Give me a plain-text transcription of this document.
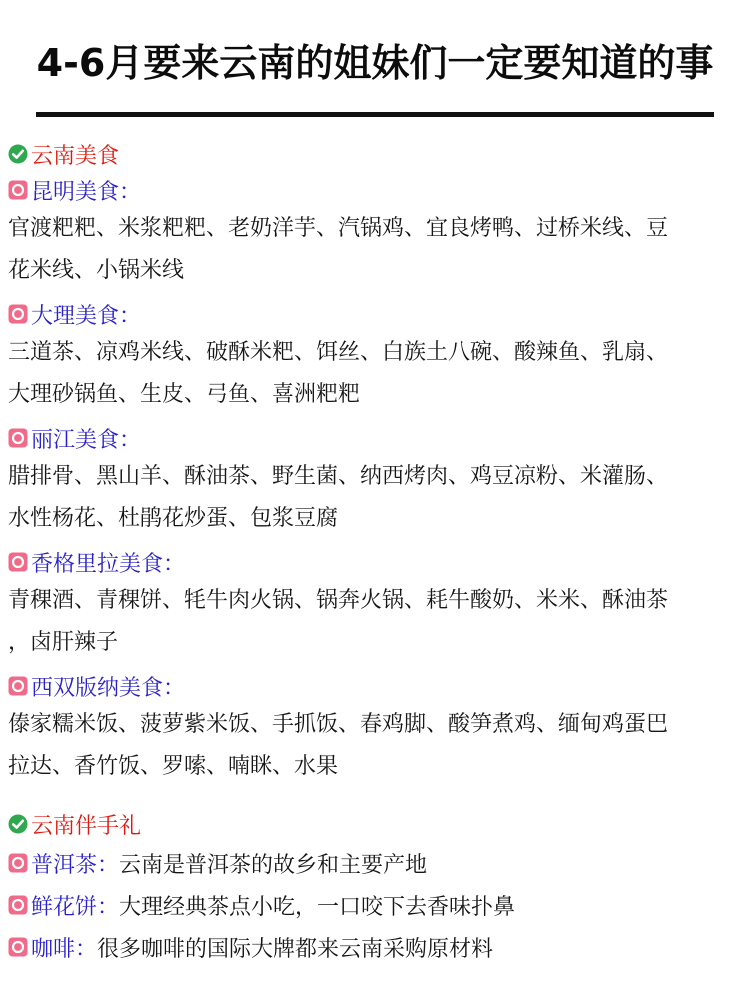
4-6月要来云南的姐妹们一定要知道的事
云南美食
昆明美食：
官渡粑粑、米浆粑粑、老奶洋芋、汽锅鸡、宜良烤鸭、过桥米线、豆
花米线、小锅米线
大理美食：
三道茶、凉鸡米线、破酥米粑、饵丝、白族土八碗、酸辣鱼、乳扇、
大理砂锅鱼、生皮、弓鱼、喜洲粑粑
丽江美食：
腊排骨、黑山羊、酥油茶、野生菌、纳西烤肉、鸡豆凉粉、米灌肠、
水性杨花、杜鹃花炒蛋、包浆豆腐
香格里拉美食：
青稞酒、青稞饼、牦牛肉火锅、锅奔火锅、耗牛酸奶、米米、酥油茶
，卤肝辣子
西双版纳美食：
傣家糯米饭、菠萝紫米饭、手抓饭、春鸡脚、酸笋煮鸡、缅甸鸡蛋巴
拉达、香竹饭、罗嗦、喃眯、水果
云南伴手礼
普洱茶： 云南是普洱茶的故乡和主要产地
鲜花饼： 大理经典茶点小吃，一口咬下去香味扑鼻
咖啡： 很多咖啡的国际大牌都来云南采购原材料
